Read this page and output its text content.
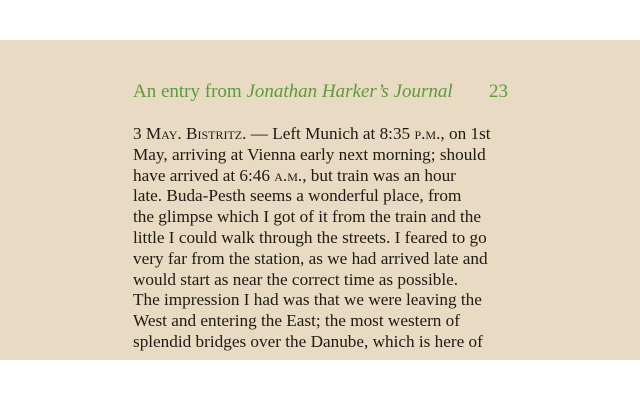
An entry from Jonathan Harker’s Journal 23
3 May. Bistritz. — Left Munich at 8:35 p.m., on 1st
May, arriving at Vienna early next morning; should
have arrived at 6:46 a.m., but train was an hour
late. Buda-Pesth seems a wonderful place, from
the glimpse which I got of it from the train and the
little I could walk through the streets. I feared to go
very far from the station, as we had arrived late and
would start as near the correct time as possible.
The impression I had was that we were leaving the
West and entering the East; the most western of
splendid bridges over the Danube, which is here of
